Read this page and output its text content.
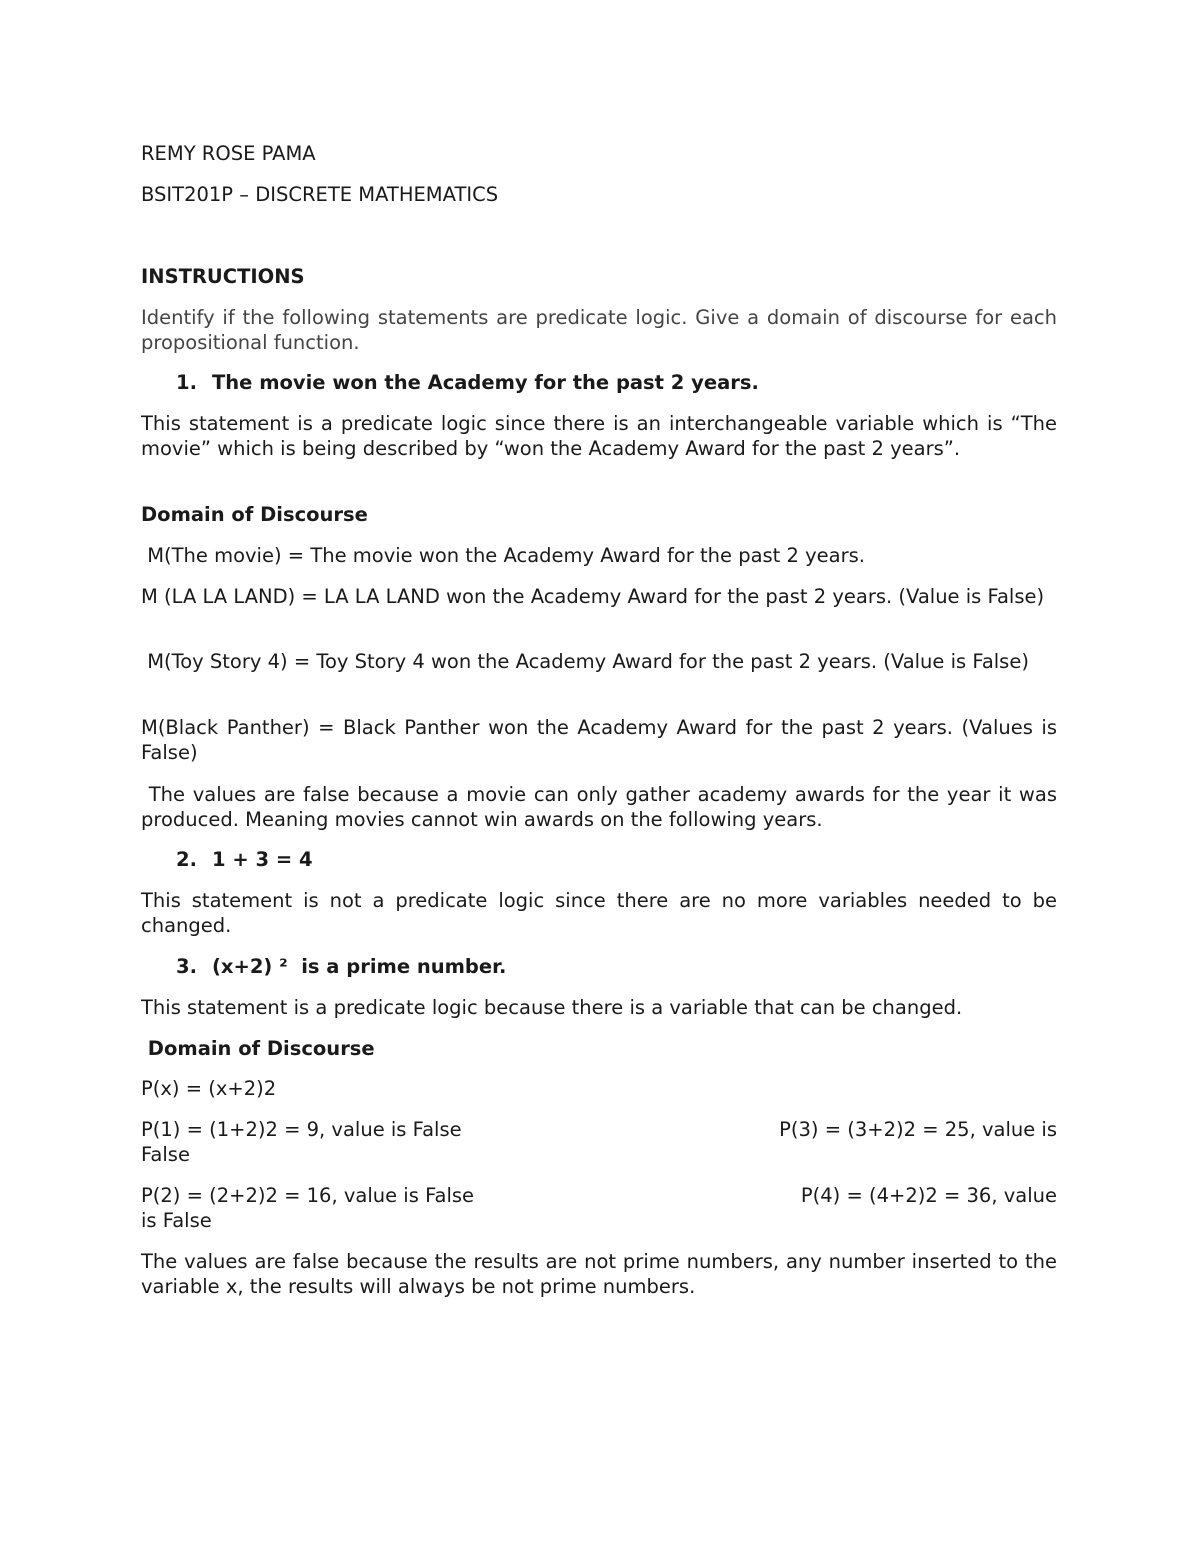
REMY ROSE PAMA

BSIT201P – DISCRETE MATHEMATICS

INSTRUCTIONS

Identify if the following statements are predicate logic. Give a domain of discourse for each propositional function.

1. The movie won the Academy for the past 2 years.

This statement is a predicate logic since there is an interchangeable variable which is “The movie” which is being described by “won the Academy Award for the past 2 years”.

Domain of Discourse

M(The movie) = The movie won the Academy Award for the past 2 years.

M (LA LA LAND) = LA LA LAND won the Academy Award for the past 2 years. (Value is False)

M(Toy Story 4) = Toy Story 4 won the Academy Award for the past 2 years. (Value is False)

M(Black Panther) = Black Panther won the Academy Award for the past 2 years. (Values is False)

The values are false because a movie can only gather academy awards for the year it was produced. Meaning movies cannot win awards on the following years.

2. 1 + 3 = 4

This statement is not a predicate logic since there are no more variables needed to be changed.

3. (x+2) ²  is a prime number.

This statement is a predicate logic because there is a variable that can be changed.

Domain of Discourse

P(x) = (x+2)2

P(1) = (1+2)2 = 9, value is False	P(3) = (3+2)2 = 25, value is
False
P(2) = (2+2)2 = 16, value is False	P(4) = (4+2)2 = 36, value
is False

The values are false because the results are not prime numbers, any number inserted to the variable x, the results will always be not prime numbers.
